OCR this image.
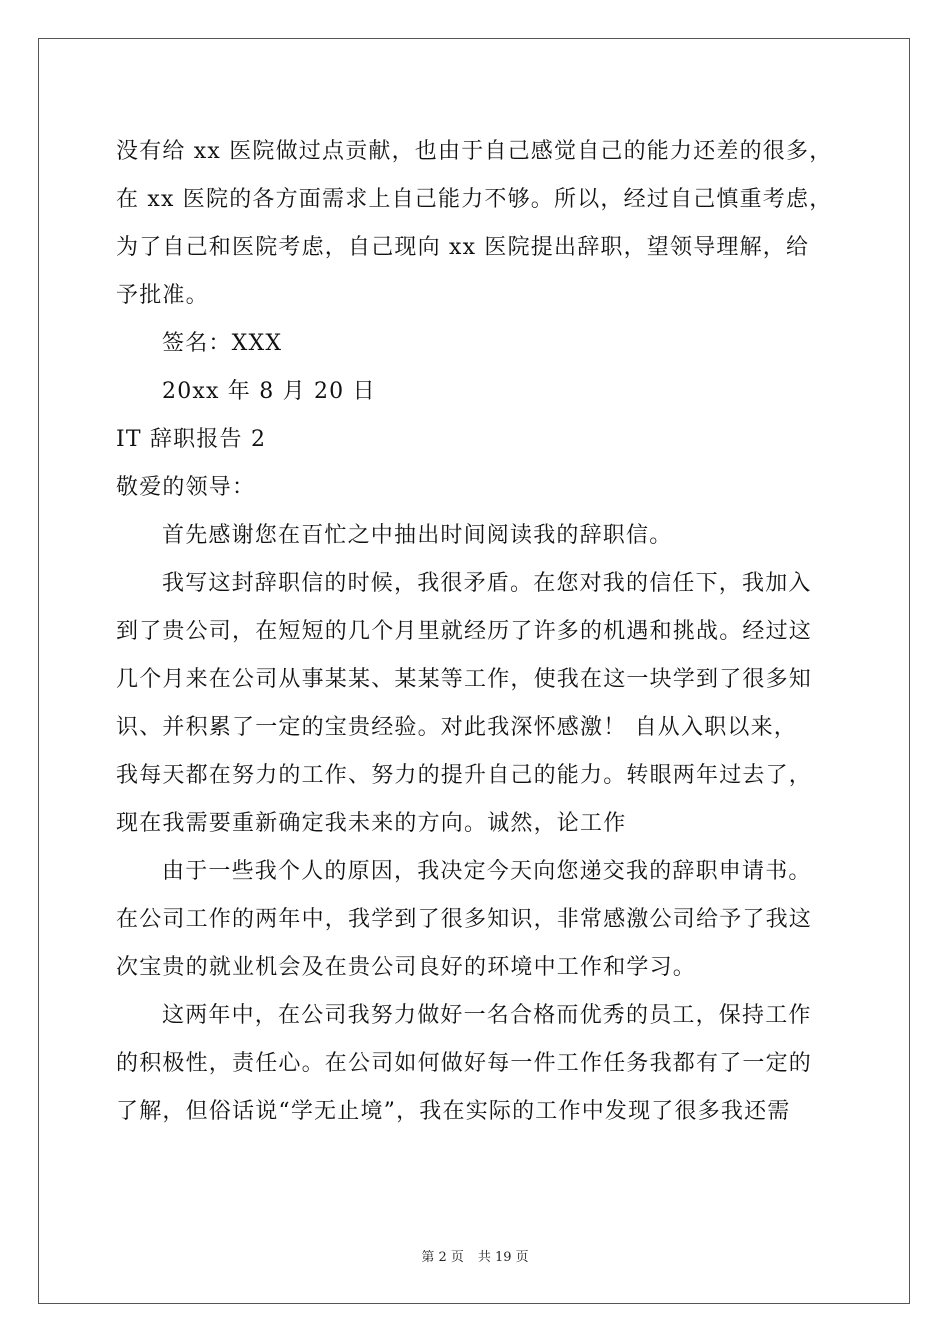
没有给 xx 医院做过点贡献，也由于自己感觉自己的能力还差的很多，
在 xx 医院的各方面需求上自己能力不够。所以，经过自己慎重考虑，
为了自己和医院考虑，自己现向 xx 医院提出辞职，望领导理解，给
予批准。
签名：XXX
20xx 年 8 月 20 日
IT 辞职报告 2
敬爱的领导：
首先感谢您在百忙之中抽出时间阅读我的辞职信。
我写这封辞职信的时候，我很矛盾。在您对我的信任下，我加入
到了贵公司，在短短的几个月里就经历了许多的机遇和挑战。经过这
几个月来在公司从事某某、某某等工作，使我在这一块学到了很多知
识、并积累了一定的宝贵经验。对此我深怀感激！ 自从入职以来，
我每天都在努力的工作、努力的提升自己的能力。转眼两年过去了，
现在我需要重新确定我未来的方向。诚然，论工作
由于一些我个人的原因，我决定今天向您递交我的辞职申请书。
在公司工作的两年中，我学到了很多知识，非常感激公司给予了我这
次宝贵的就业机会及在贵公司良好的环境中工作和学习。
这两年中，在公司我努力做好一名合格而优秀的员工，保持工作
的积极性，责任心。在公司如何做好每一件工作任务我都有了一定的
了解，但俗话说“学无止境”，我在实际的工作中发现了很多我还需
第 2 页 共 19 页
